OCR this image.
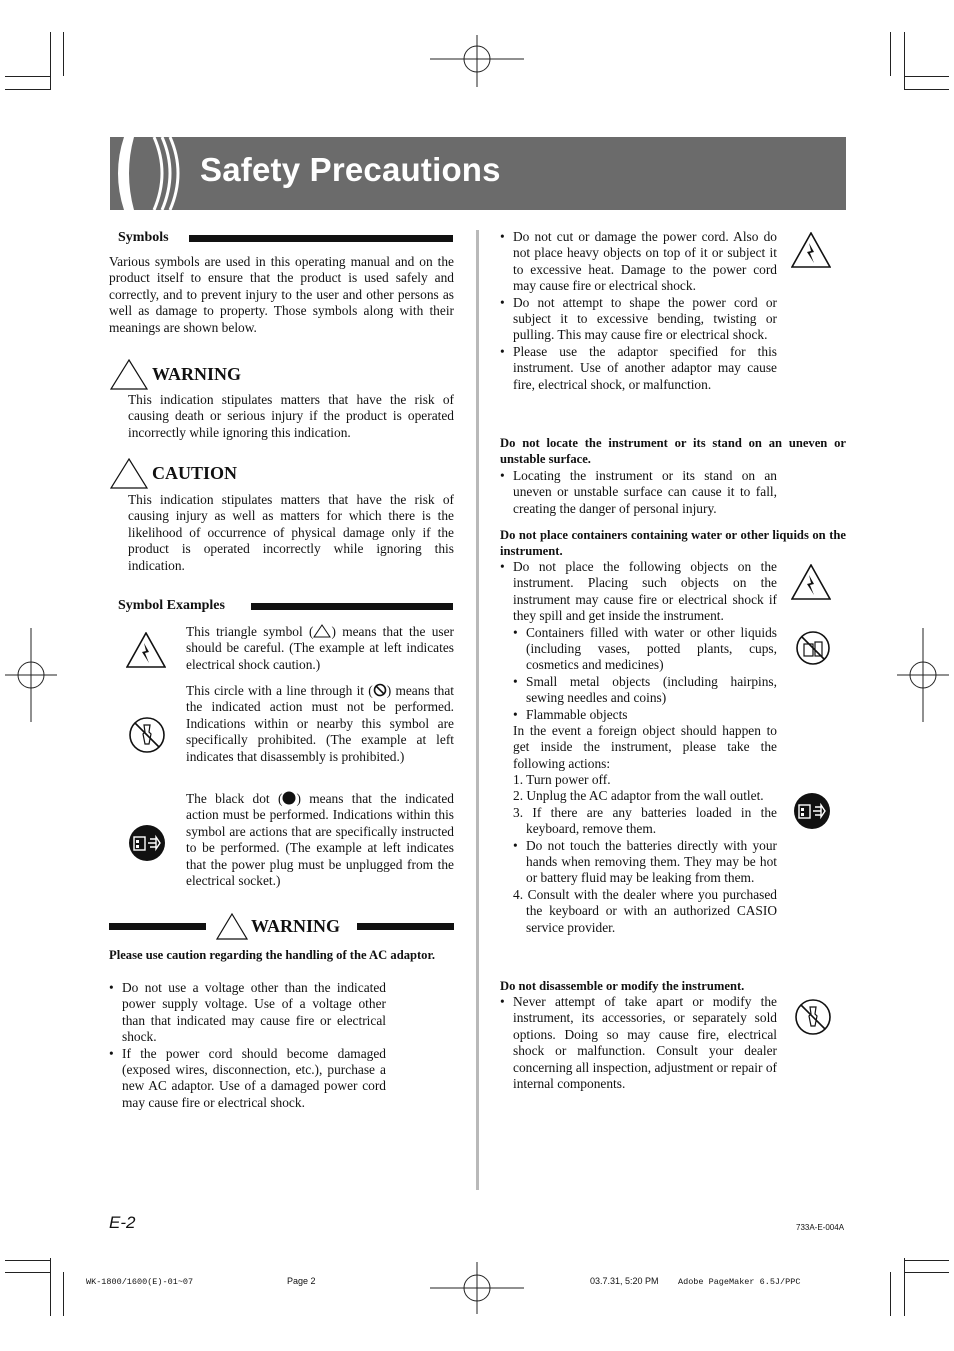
Safety Precautions
Symbols
Various symbols are used in this operating manual and on the product itself to ensure that the product is used safely and correctly, and to prevent injury to the user and other persons as well as damage to property. Those symbols along with their meanings are shown below.
WARNING
This indication stipulates matters that have the risk of causing death or serious injury if the product is operated incorrectly while ignoring this indication.
CAUTION
This indication stipulates matters that have the risk of causing injury as well as matters for which there is the likelihood of occurrence of physical damage only if the product is operated incorrectly while ignoring this indication.
Symbol Examples
This triangle symbol ( ) means that the user should be careful. (The example at left indicates electrical shock caution.)
This circle with a line through it ( ) means that the indicated action must not be performed. Indications within or nearby this symbol are specifically prohibited. (The example at left indicates that disassembly is prohibited.)
The black dot ( ) means that the indicated action must be performed. Indications within this symbol are actions that are specifically instructed to be performed. (The example at left indicates that the power plug must be unplugged from the electrical socket.)
WARNING
Please use caution regarding the handling of the AC adaptor.
• Do not use a voltage other than the indicated power supply voltage. Use of a voltage other than that indicated may cause fire or electrical shock.
• If the power cord should become damaged (exposed wires, disconnection, etc.), purchase a new AC adaptor. Use of a damaged power cord may cause fire or electrical shock.
• Do not cut or damage the power cord. Also do not place heavy objects on top of it or subject it to excessive heat. Damage to the power cord may cause fire or electrical shock.
• Do not attempt to shape the power cord or subject it to excessive bending, twisting or pulling. This may cause fire or electrical shock.
• Please use the adaptor specified for this instrument. Use of another adaptor may cause fire, electrical shock, or malfunction.
Do not locate the instrument or its stand on an uneven or unstable surface.
• Locating the instrument or its stand on an uneven or unstable surface can cause it to fall, creating the danger of personal injury.
Do not place containers containing water or other liquids on the instrument.
• Do not place the following objects on the instrument. Placing such objects on the instrument may cause fire or electrical shock if they spill and get inside the instrument.
• Containers filled with water or other liquids (including vases, potted plants, cups, cosmetics and medicines)
• Small metal objects (including hairpins, sewing needles and coins)
• Flammable objects
In the event a foreign object should happen to get inside the instrument, please take the following actions:
1. Turn power off.
2. Unplug the AC adaptor from the wall outlet.
3. If there are any batteries loaded in the keyboard, remove them.
• Do not touch the batteries directly with your hands when removing them. They may be hot or battery fluid may be leaking from them.
4. Consult with the dealer where you purchased the keyboard or with an authorized CASIO service provider.
Do not disassemble or modify the instrument.
• Never attempt of take apart or modify the instrument, its accessories, or separately sold options. Doing so may cause fire, electrical shock or malfunction. Consult your dealer concerning all inspection, adjustment or repair of internal components.
E-2	733A-E-004A
WK-1800/1600(E)-01~07	Page 2	03.7.31, 5:20 PM Adobe PageMaker 6.5J/PPC
